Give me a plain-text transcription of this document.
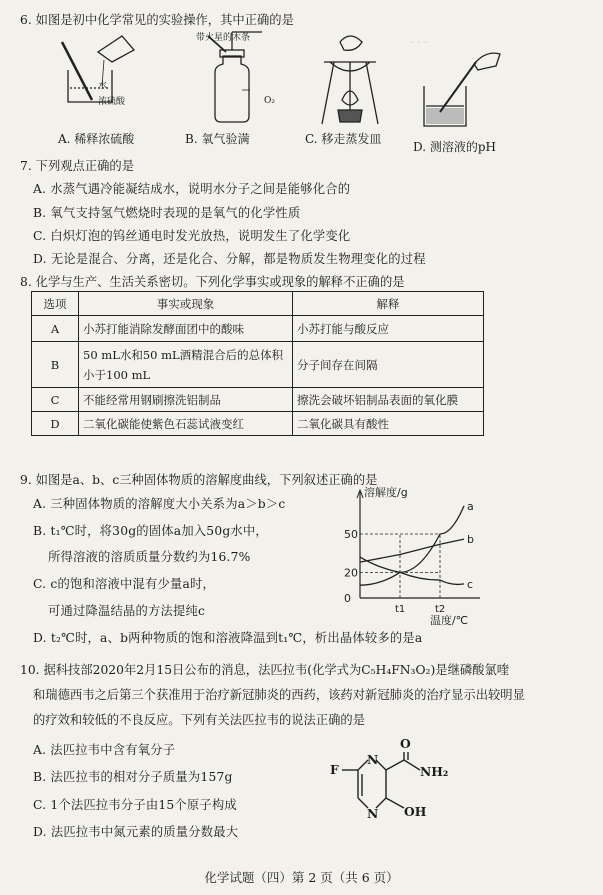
· · ·
6. 如图是初中化学常见的实验操作，其中正确的是
水
浓硫酸
带火星的木条
O₂
A. 稀释浓硫酸	B. 氧气验满	C. 移走蒸发皿
D. 测溶液的pH
7. 下列观点正确的是
A. 水蒸气遇冷能凝结成水，说明水分子之间是能够化合的
B. 氧气支持氢气燃烧时表现的是氧气的化学性质
C. 白炽灯泡的钨丝通电时发光放热，说明发生了化学变化
D. 无论是混合、分离，还是化合、分解，都是物质发生物理变化的过程
8. 化学与生产、生活关系密切。下列化学事实或现象的解释不正确的是
选项	事实或现象	解释
A	小苏打能消除发酵面团中的酸味	小苏打能与酸反应
B	50 mL水和50 mL酒精混合后的总体积小于100 mL	分子间存在间隔
C	不能经常用钢刷擦洗铝制品	擦洗会破坏铝制品表面的氧化膜
D	二氧化碳能使紫色石蕊试液变红	二氧化碳具有酸性
9. 如图是a、b、c三种固体物质的溶解度曲线，下列叙述正确的是
A. 三种固体物质的溶解度大小关系为a＞b＞c
B. t₁℃时，将30g的固体a加入50g水中，
所得溶液的溶质质量分数约为16.7%
C. c的饱和溶液中混有少量a时，
可通过降温结晶的方法提纯c
D. t₂℃时，a、b两种物质的饱和溶液降温到t₁℃，析出晶体较多的是a
50
20
0
t1	t2
溶解度/g
温度/℃
a
b
c
10. 据科技部2020年2月15日公布的消息，法匹拉韦(化学式为C₅H₄FN₃O₂)是继磷酸氯喹
和瑞德西韦之后第三个获准用于治疗新冠肺炎的西药，该药对新冠肺炎的治疗显示出较明显
的疗效和较低的不良反应。下列有关法匹拉韦的说法正确的是
A. 法匹拉韦中含有氧分子
B. 法匹拉韦的相对分子质量为157g
C. 1个法匹拉韦分子由15个原子构成
D. 法匹拉韦中氮元素的质量分数最大
F
N
N
O
NH₂
OH
化学试题（四）第 2 页（共 6 页）
